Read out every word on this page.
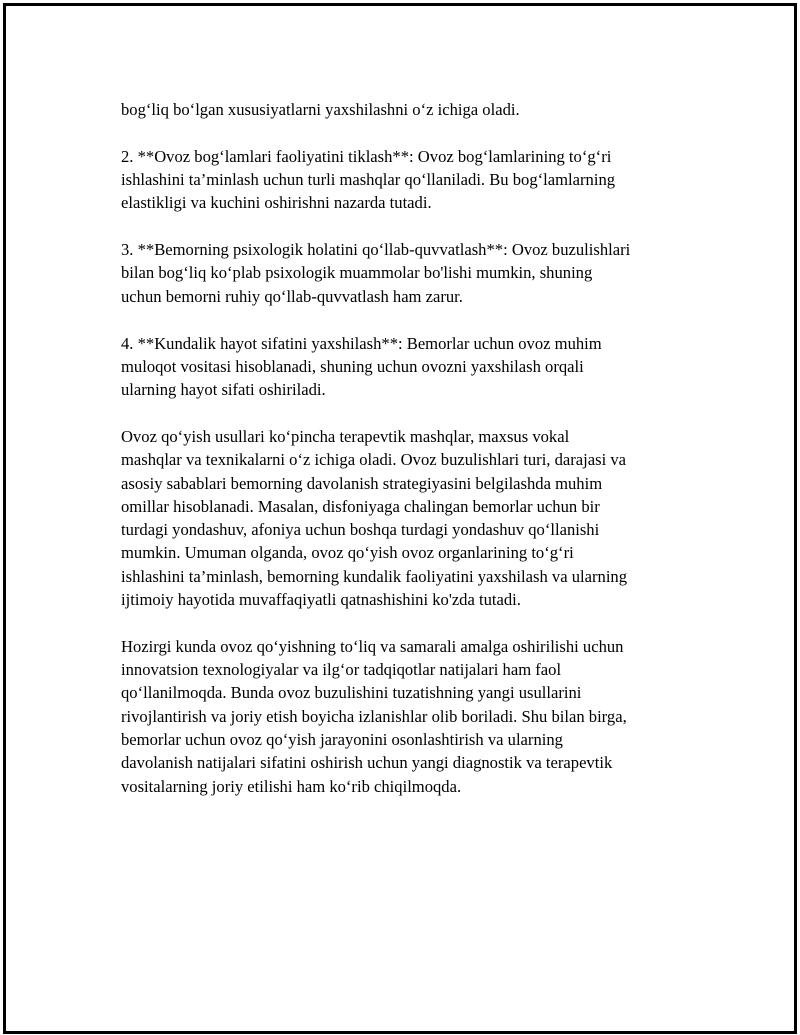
bog‘liq bo‘lgan xususiyatlarni yaxshilashni o‘z ichiga oladi.

2. **Ovoz bog‘lamlari faoliyatini tiklash**: Ovoz bog‘lamlarining to‘g‘ri
ishlashini ta’minlash uchun turli mashqlar qo‘llaniladi. Bu bog‘lamlarning
elastikligi va kuchini oshirishni nazarda tutadi.

3. **Bemorning psixologik holatini qo‘llab-quvvatlash**: Ovoz buzulishlari
bilan bog‘liq ko‘plab psixologik muammolar bo'lishi mumkin, shuning
uchun bemorni ruhiy qo‘llab-quvvatlash ham zarur.

4. **Kundalik hayot sifatini yaxshilash**: Bemorlar uchun ovoz muhim
muloqot vositasi hisoblanadi, shuning uchun ovozni yaxshilash orqali
ularning hayot sifati oshiriladi.

Ovoz qo‘yish usullari ko‘pincha terapevtik mashqlar, maxsus vokal
mashqlar va texnikalarni o‘z ichiga oladi. Ovoz buzulishlari turi, darajasi va
asosiy sabablari bemorning davolanish strategiyasini belgilashda muhim
omillar hisoblanadi. Masalan, disfoniyaga chalingan bemorlar uchun bir
turdagi yondashuv, afoniya uchun boshqa turdagi yondashuv qo‘llanishi
mumkin. Umuman olganda, ovoz qo‘yish ovoz organlarining to‘g‘ri
ishlashini ta’minlash, bemorning kundalik faoliyatini yaxshilash va ularning
ijtimoiy hayotida muvaffaqiyatli qatnashishini ko'zda tutadi.

Hozirgi kunda ovoz qo‘yishning to‘liq va samarali amalga oshirilishi uchun
innovatsion texnologiyalar va ilg‘or tadqiqotlar natijalari ham faol
qo‘llanilmoqda. Bunda ovoz buzulishini tuzatishning yangi usullarini
rivojlantirish va joriy etish boyicha izlanishlar olib boriladi. Shu bilan birga,
bemorlar uchun ovoz qo‘yish jarayonini osonlashtirish va ularning
davolanish natijalari sifatini oshirish uchun yangi diagnostik va terapevtik
vositalarning joriy etilishi ham ko‘rib chiqilmoqda.
